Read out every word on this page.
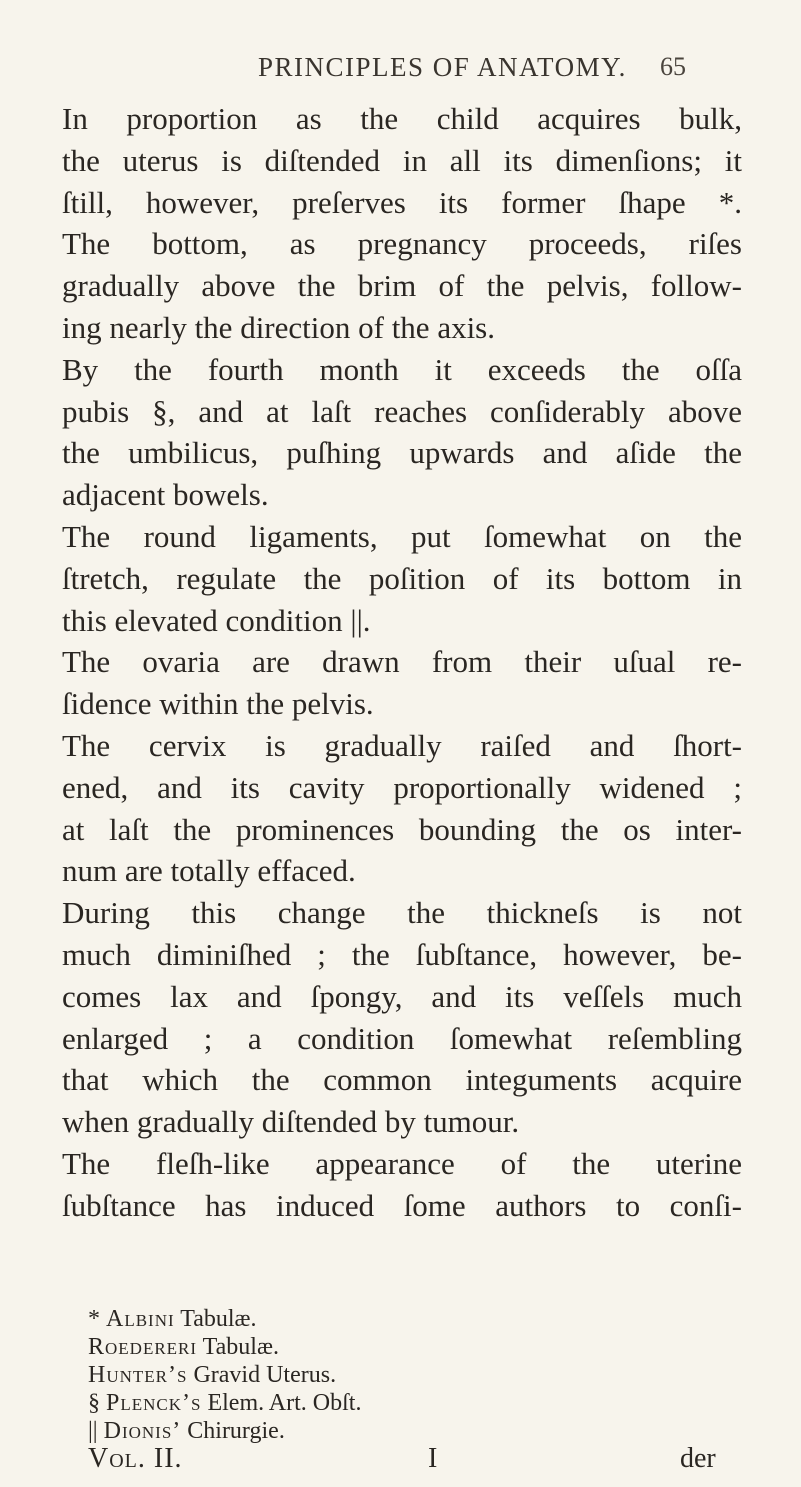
PRINCIPLES OF ANATOMY. 65
In proportion as the child acquires bulk,
the uterus is diſtended in all its dimenſions; it
ſtill, however, preſerves its former ſhape *.
The bottom, as pregnancy proceeds, riſes
gradually above the brim of the pelvis, follow-
ing nearly the direction of the axis.
By the fourth month it exceeds the oſſa
pubis §, and at laſt reaches conſiderably above
the umbilicus, puſhing upwards and aſide the
adjacent bowels.
The round ligaments, put ſomewhat on the
ſtretch, regulate the poſition of its bottom in
this elevated condition ||.
The ovaria are drawn from their uſual re-
ſidence within the pelvis.
The cervix is gradually raiſed and ſhort-
ened, and its cavity proportionally widened ;
at laſt the prominences bounding the os inter-
num are totally effaced.
During this change the thickneſs is not
much diminiſhed ; the ſubſtance, however, be-
comes lax and ſpongy, and its veſſels much
enlarged ; a condition ſomewhat reſembling
that which the common integuments acquire
when gradually diſtended by tumour.
The fleſh-like appearance of the uterine
ſubſtance has induced ſome authors to conſi-
* Albini Tabulæ.
Roedereri Tabulæ.
Hunter’s Gravid Uterus.
§ Plenck’s Elem. Art. Obſt.
|| Dionis’ Chirurgie.
Vol. II.	I	der
